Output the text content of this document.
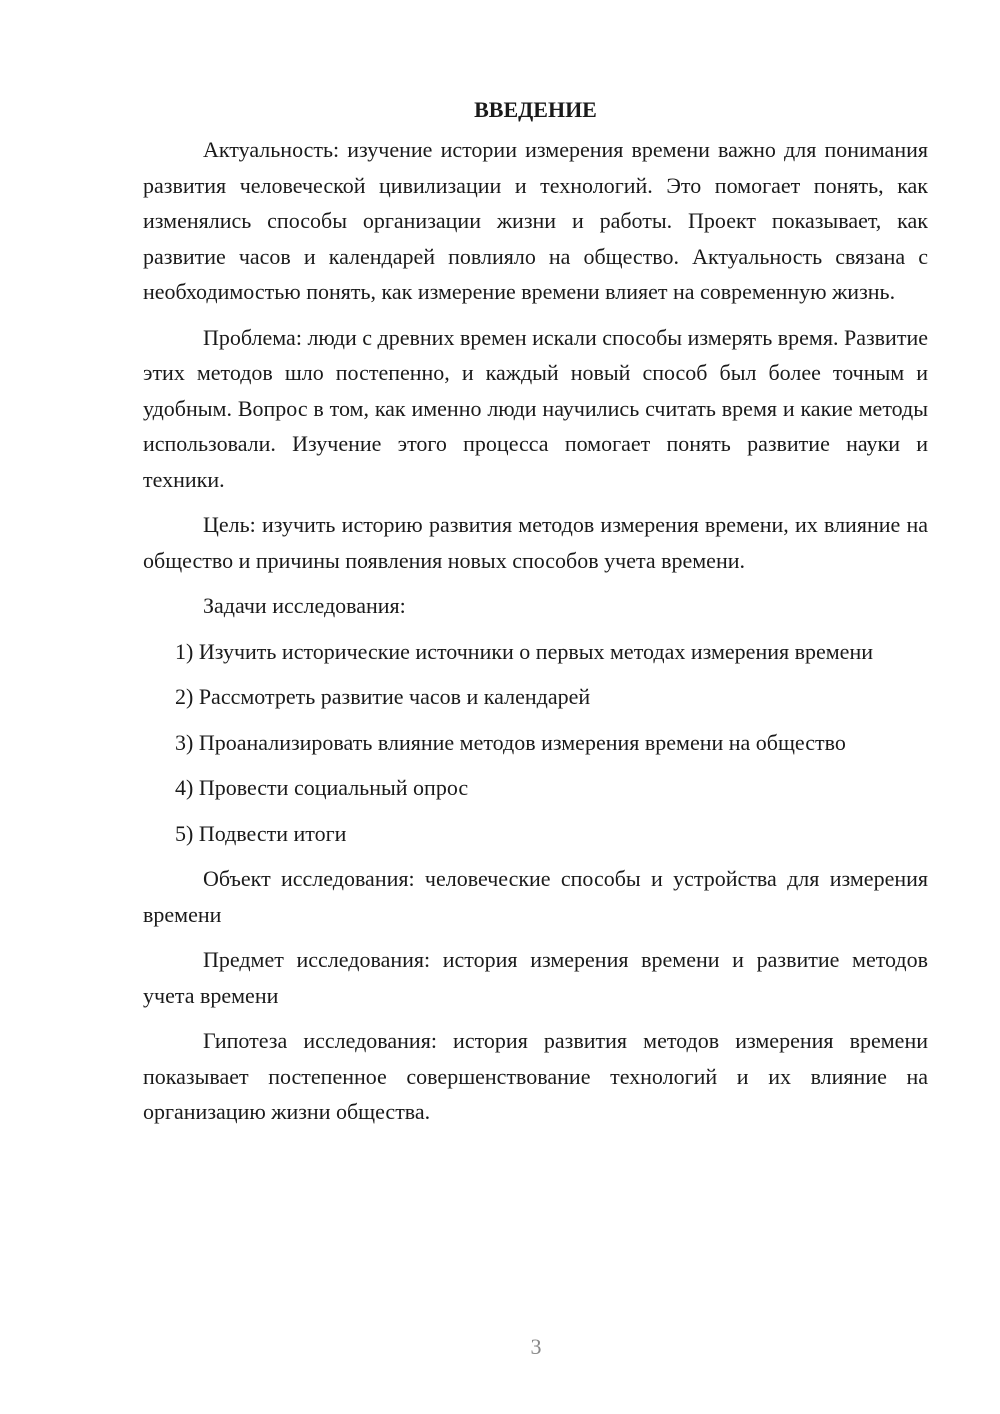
ВВЕДЕНИЕ

Актуальность: изучение истории измерения времени важно для понимания развития человеческой цивилизации и технологий. Это помогает понять, как изменялись способы организации жизни и работы. Проект показывает, как развитие часов и календарей повлияло на общество. Актуальность связана с необходимостью понять, как измерение времени влияет на современную жизнь.

Проблема: люди с древних времен искали способы измерять время. Развитие этих методов шло постепенно, и каждый новый способ был более точным и удобным. Вопрос в том, как именно люди научились считать время и какие методы использовали. Изучение этого процесса помогает понять развитие науки и техники.

Цель: изучить историю развития методов измерения времени, их влияние на общество и причины появления новых способов учета времени.

Задачи исследования:

1) Изучить исторические источники о первых методах измерения времени

2) Рассмотреть развитие часов и календарей

3) Проанализировать влияние методов измерения времени на общество

4) Провести социальный опрос

5) Подвести итоги

Объект исследования: человеческие способы и устройства для измерения времени

Предмет исследования: история измерения времени и развитие методов учета времени

Гипотеза исследования: история развития методов измерения времени показывает постепенное совершенствование технологий и их влияние на организацию жизни общества.

3
